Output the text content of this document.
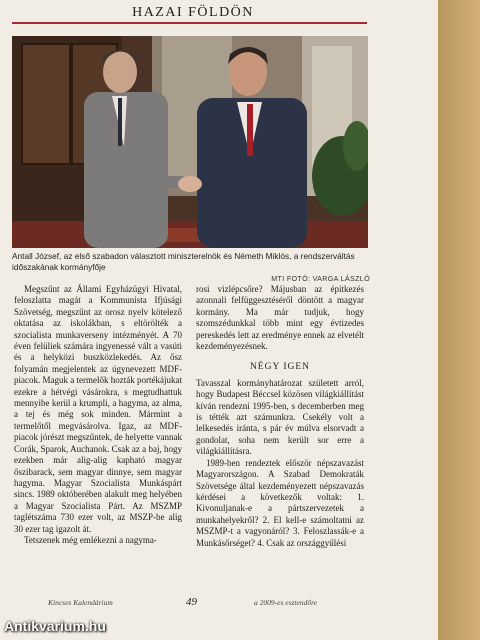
HAZAI FÖLDÖN
Antall József, az első szabadon választott miniszterelnök és Németh Miklós, a rendszerváltás időszakának kormányfője
MTI FOTÓ: VARGA LÁSZLÓ

Megszűnt az Állami Egyházügyi Hivatal, feloszlatta magát a Kommunista Ifjúsági Szövetség, megszűnt az orosz nyelv kötelező oktatása az iskolákban, s eltörölték a szocialista munkaverseny intézményét. A 70 éven felüliek számára ingyenessé vált a vasúti és a helyközi buszközlekedés. Az ősz folyamán megjelentek az úgynevezett MDF-piacok. Maguk a termelők hozták portékájukat ezekre a hétvégi vásárokra, s megtudhattuk mennyibe kerül a krumpli, a hagyma, az alma, a tej és még sok minden. Mármint a termelőtől megvásárolva. Igaz, az MDF-piacok jórészt megszűntek, de helyette vannak Corák, Sparok, Auchanok. Csak az a baj, hogy ezekben már alig-alig kapható magyar őszibarack, sem magyar dinnye, sem magyar hagyma. Magyar Szocialista Munkáspárt sincs. 1989 októberében alakult meg helyében a Magyar Szocialista Párt. Az MSZMP taglétszáma 730 ezer volt, az MSZP-be alig 30 ezer tag igazolt át.

Tetszenek még emlékezni a nagyma-

rosi vizlépcsőre? Májusban az építkezés azonnali felfüggesztéséről döntött a magyar kormány. Ma már tudjuk, hogy szomszédunkkal több mint egy évtizedes pereskedés lett az eredménye ennek az elvetélt kezdeményezésnek.

NÉGY IGEN

Tavasszal kormányhatározat született arról, hogy Budapest Béccsel közösen világkiállítást kíván rendezni 1995-ben, s decemberben meg is tétték azt számunkra. Csekély volt a lelkesedés iránta, s pár év múlva elsorvadt a gondolat, soha nem került sor erre a világkiállításra.

1989-ben rendeztek először népszavazást Magyarországon. A Szabad Demokraták Szövetsége által kezdeményezett népszavazás kérdései a következők voltak: 1. Kivonuljanak-e a pártszervezetek a munkahelyekről? 2. El kell-e számoltatni az MSZMP-t a vagyonáról? 3. Feloszlassák-e a Munkásőrséget? 4. Csak az országgyűlési

Kincses Kalendárium	49	a 2009-es esztendőre
Antikvarium.hu
